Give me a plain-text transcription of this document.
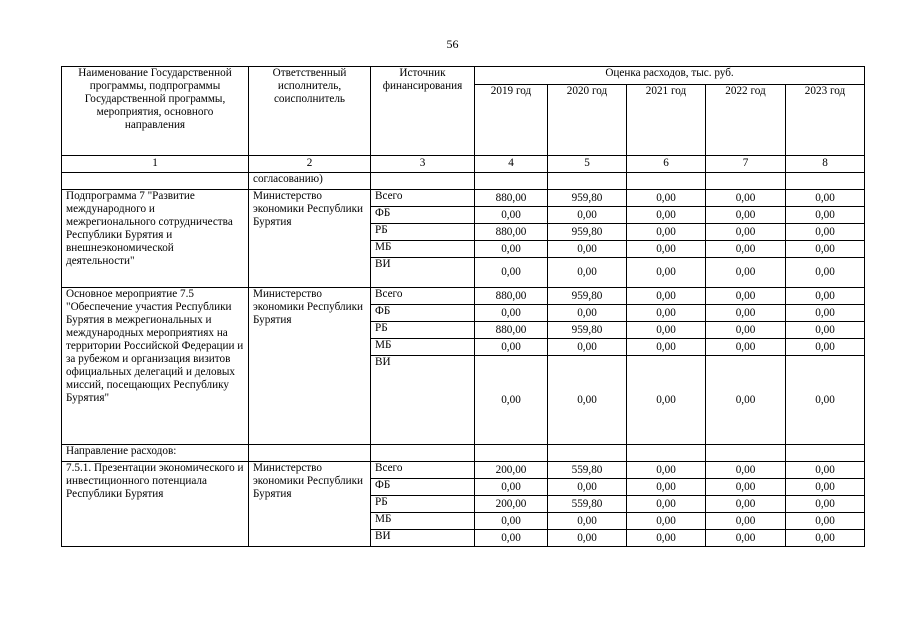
56
Наименование Государственной программы, подпрограммы Государственной программы, мероприятия, основного направления	Ответственный исполнитель, соисполнитель	Источник финансирования	Оценка расходов, тыс. руб.				
			2019 год	2020 год	2021 год	2022 год	2023 год
1	2	3	4	5	6	7	8
	согласованию)						
Подпрограмма 7 "Развитие международного и межрегионального сотрудничества Республики Бурятия и внешнеэкономической деятельности"	Министерство экономики Республики Бурятия	Всего	880,00	959,80	0,00	0,00	0,00
		ФБ	0,00	0,00	0,00	0,00	0,00
		РБ	880,00	959,80	0,00	0,00	0,00
		МБ	0,00	0,00	0,00	0,00	0,00
		ВИ	0,00	0,00	0,00	0,00	0,00
Основное мероприятие 7.5 "Обеспечение участия Республики Бурятия в межрегиональных и международных мероприятиях на территории Российской Федерации и за рубежом и организация визитов официальных делегаций и деловых миссий, посещающих Республику Бурятия"	Министерство экономики Республики Бурятия	Всего	880,00	959,80	0,00	0,00	0,00
		ФБ	0,00	0,00	0,00	0,00	0,00
		РБ	880,00	959,80	0,00	0,00	0,00
		МБ	0,00	0,00	0,00	0,00	0,00
		ВИ	0,00	0,00	0,00	0,00	0,00
Направление расходов:							
7.5.1. Презентации экономического и инвестиционного потенциала Республики Бурятия	Министерство экономики Республики Бурятия	Всего	200,00	559,80	0,00	0,00	0,00
		ФБ	0,00	0,00	0,00	0,00	0,00
		РБ	200,00	559,80	0,00	0,00	0,00
		МБ	0,00	0,00	0,00	0,00	0,00
		ВИ	0,00	0,00	0,00	0,00	0,00
